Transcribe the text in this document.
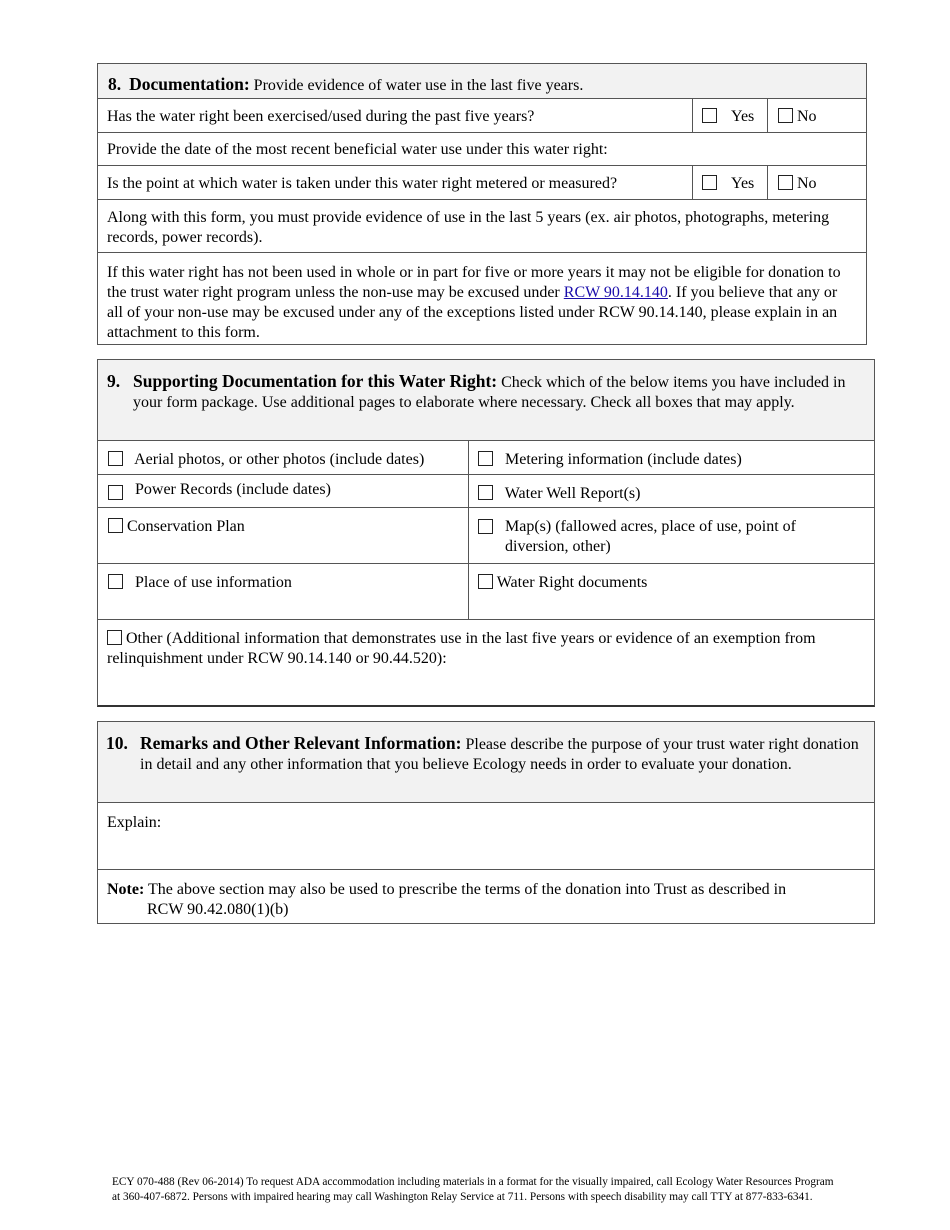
8. Documentation: Provide evidence of water use in the last five years.
Has the water right been exercised/used during the past five years?	Yes	No
Provide the date of the most recent beneficial water use under this water right:
Is the point at which water is taken under this water right metered or measured?	Yes	No
Along with this form, you must provide evidence of use in the last 5 years (ex. air photos, photographs, metering records, power records).
If this water right has not been used in whole or in part for five or more years it may not be eligible for donation to the trust water right program unless the non-use may be excused under RCW 90.14.140. If you believe that any or all of your non-use may be excused under any of the exceptions listed under RCW 90.14.140, please explain in an attachment to this form.
9. Supporting Documentation for this Water Right: Check which of the below items you have included in your form package. Use additional pages to elaborate where necessary. Check all boxes that may apply.
Aerial photos, or other photos (include dates)	Metering information (include dates)
Power Records (include dates)	Water Well Report(s)
Conservation Plan	Map(s) (fallowed acres, place of use, point of diversion, other)
Place of use information	Water Right documents
Other (Additional information that demonstrates use in the last five years or evidence of an exemption from relinquishment under RCW 90.14.140 or 90.44.520):
10. Remarks and Other Relevant Information: Please describe the purpose of your trust water right donation in detail and any other information that you believe Ecology needs in order to evaluate your donation.
Explain:
Note: The above section may also be used to prescribe the terms of the donation into Trust as described in
RCW 90.42.080(1)(b)
ECY 070-488 (Rev 06-2014) To request ADA accommodation including materials in a format for the visually impaired, call Ecology Water Resources Program
at 360-407-6872. Persons with impaired hearing may call Washington Relay Service at 711. Persons with speech disability may call TTY at 877-833-6341.
